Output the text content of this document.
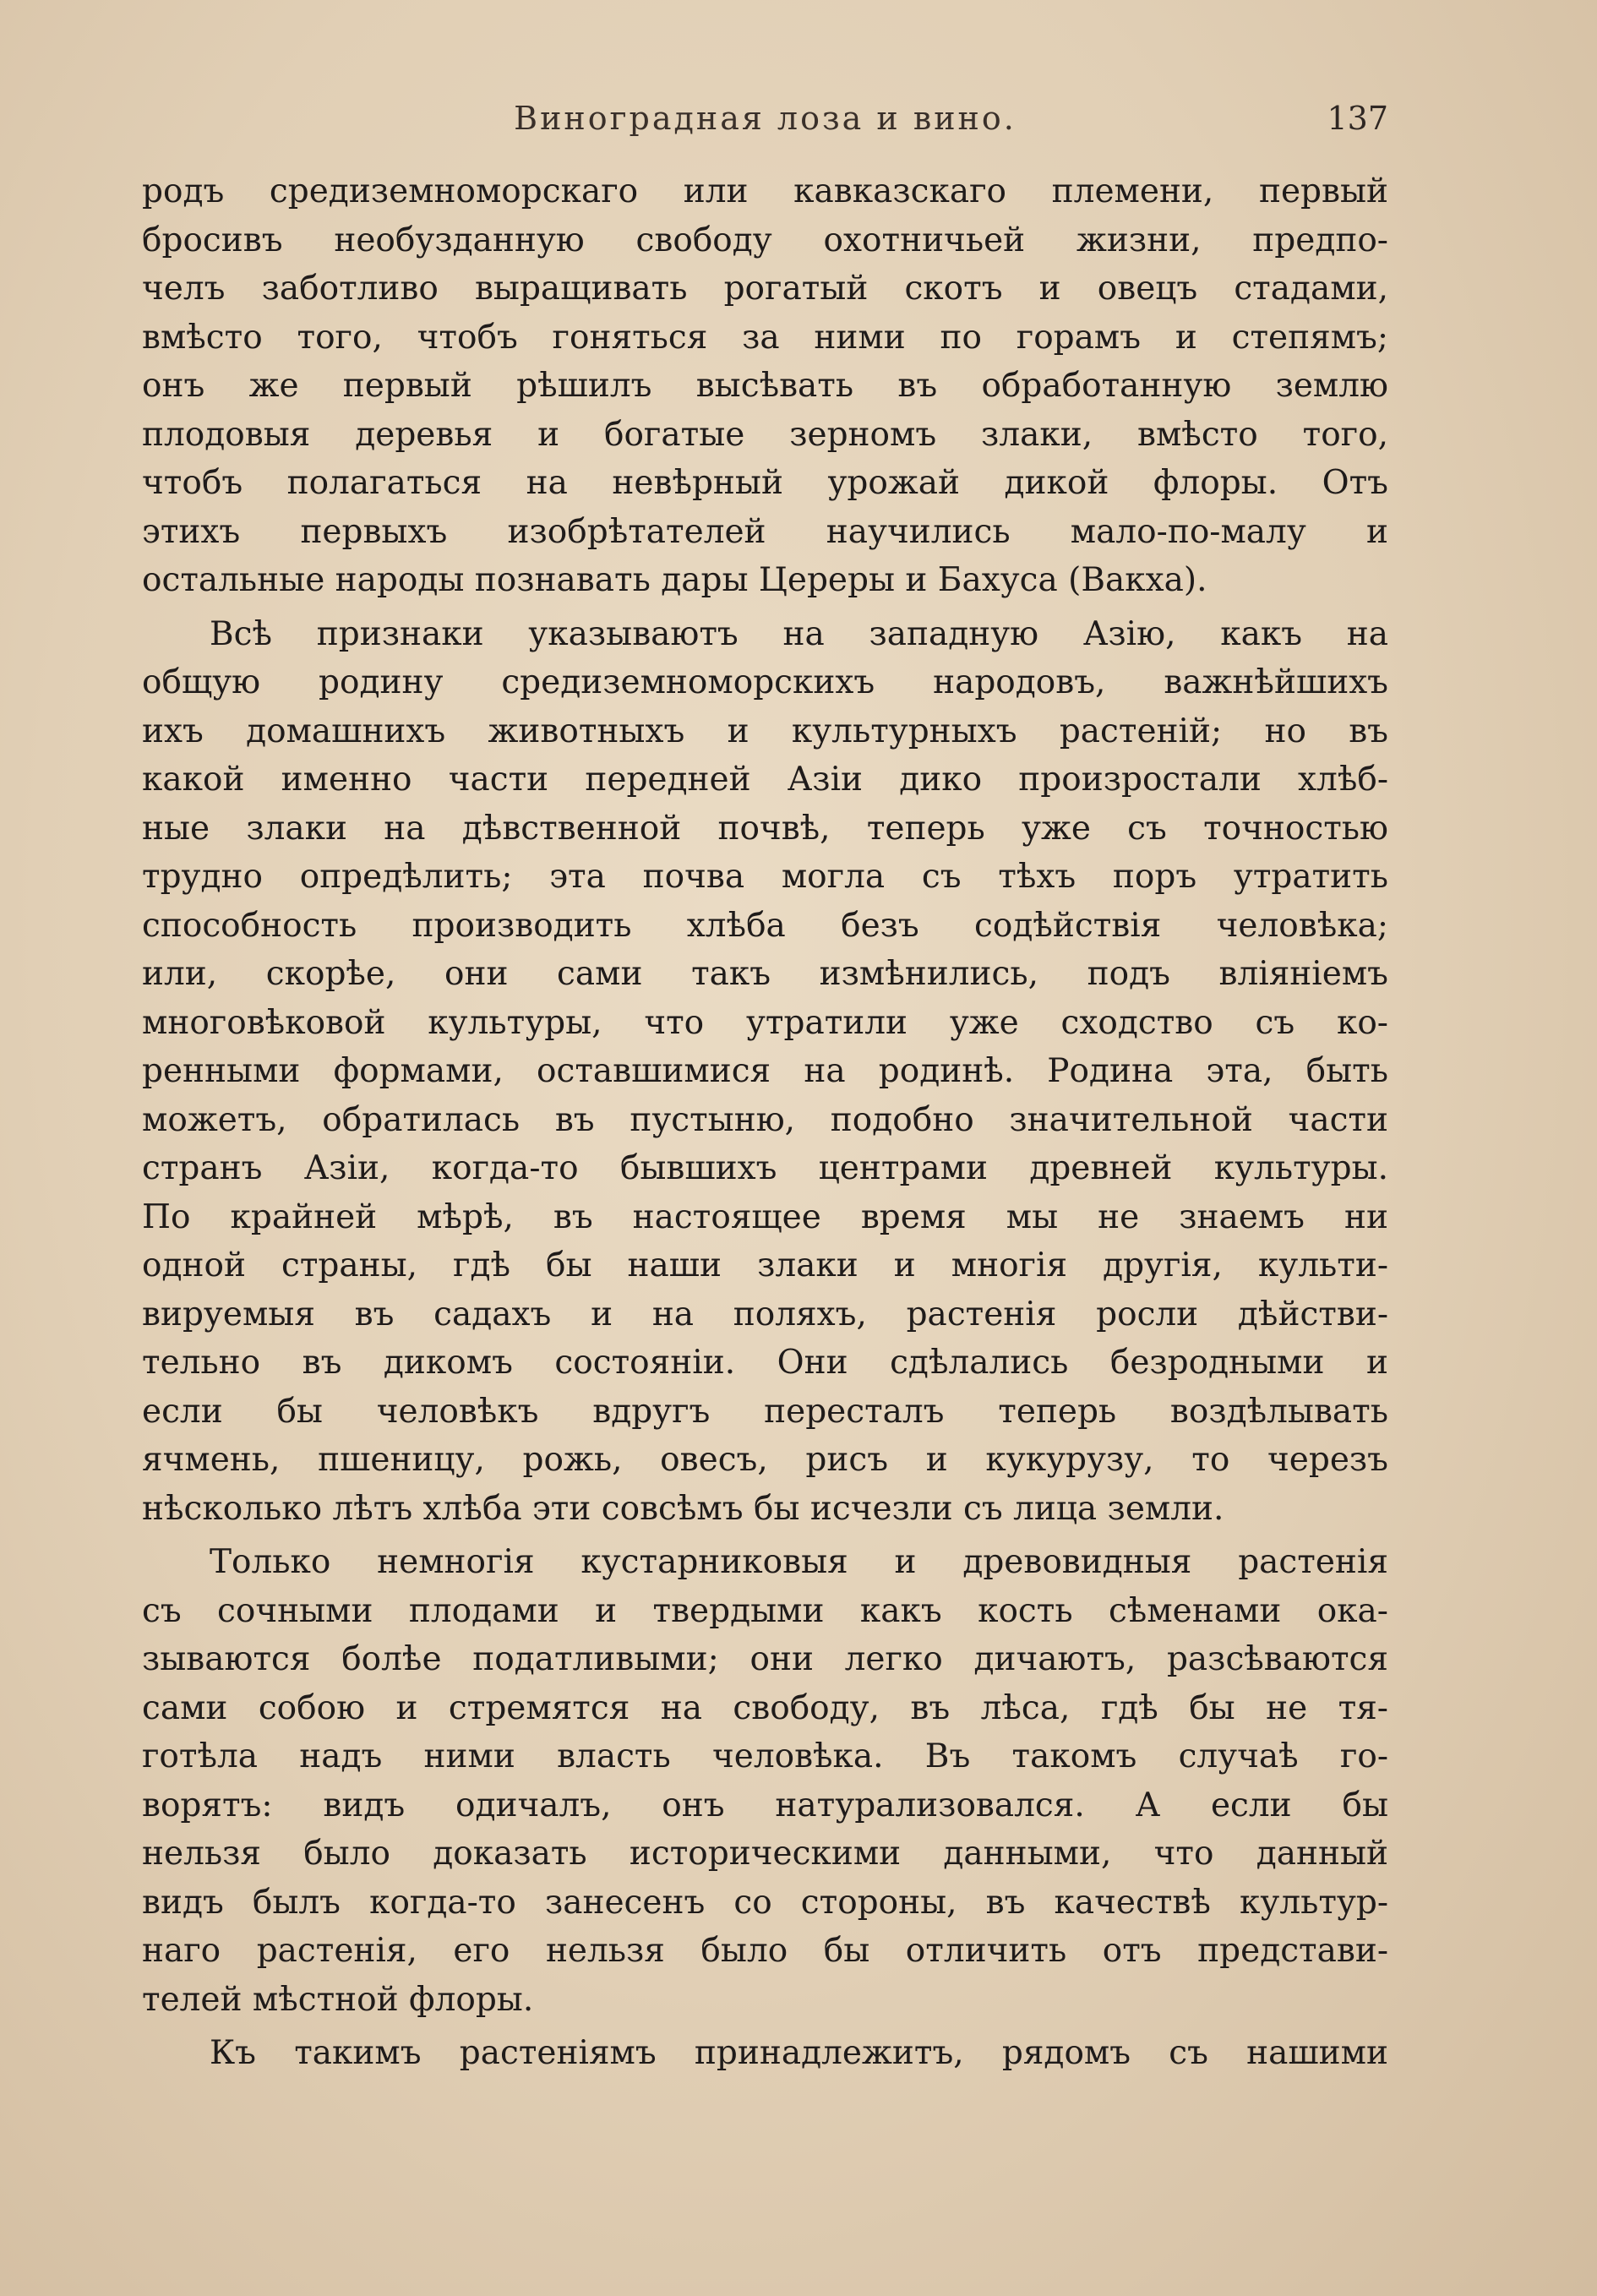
Виноградная лоза и вино.	137
родъ средиземноморскаго или кавказскаго племени, первый
бросивъ необузданную свободу охотничьей жизни, предпо-
челъ заботливо выращивать рогатый скотъ и овецъ стадами,
вмѣсто того, чтобъ гоняться за ними по горамъ и степямъ;
онъ же первый рѣшилъ высѣвать въ обработанную землю
плодовыя деревья и богатые зерномъ злаки, вмѣсто того,
чтобъ полагаться на невѣрный урожай дикой флоры. Отъ
этихъ первыхъ изобрѣтателей научились мало-по-малу и
остальные народы познавать дары Цереры и Бахуса (Вакха).
Всѣ признаки указываютъ на западную Азію, какъ на
общую родину средиземноморскихъ народовъ, важнѣйшихъ
ихъ домашнихъ животныхъ и культурныхъ растеній; но въ
какой именно части передней Азіи дико произростали хлѣб-
ные злаки на дѣвственной почвѣ, теперь уже съ точностью
трудно опредѣлить; эта почва могла съ тѣхъ поръ утратить
способность производить хлѣба безъ содѣйствія человѣка;
или, скорѣе, они сами такъ измѣнились, подъ вліяніемъ
многовѣковой культуры, что утратили уже сходство съ ко-
ренными формами, оставшимися на родинѣ. Родина эта, быть
можетъ, обратилась въ пустыню, подобно значительной части
странъ Азіи, когда-то бывшихъ центрами древней культуры.
По крайней мѣрѣ, въ настоящее время мы не знаемъ ни
одной страны, гдѣ бы наши злаки и многія другія, культи-
вируемыя въ садахъ и на поляхъ, растенія росли дѣйстви-
тельно въ дикомъ состояніи. Они сдѣлались безродными и
если бы человѣкъ вдругъ пересталъ теперь воздѣлывать
ячмень, пшеницу, рожь, овесъ, рисъ и кукурузу, то черезъ
нѣсколько лѣтъ хлѣба эти совсѣмъ бы исчезли съ лица земли.
Только немногія кустарниковыя и древовидныя растенія
съ сочными плодами и твердыми какъ кость сѣменами ока-
зываются болѣе податливыми; они легко дичаютъ, разсѣваются
сами собою и стремятся на свободу, въ лѣса, гдѣ бы не тя-
готѣла надъ ними власть человѣка. Въ такомъ случаѣ го-
ворятъ: видъ одичалъ, онъ натурализовался. А если бы
нельзя было доказать историческими данными, что данный
видъ былъ когда-то занесенъ со стороны, въ качествѣ культур-
наго растенія, его нельзя было бы отличить отъ представи-
телей мѣстной флоры.
Къ такимъ растеніямъ принадлежитъ, рядомъ съ нашими
